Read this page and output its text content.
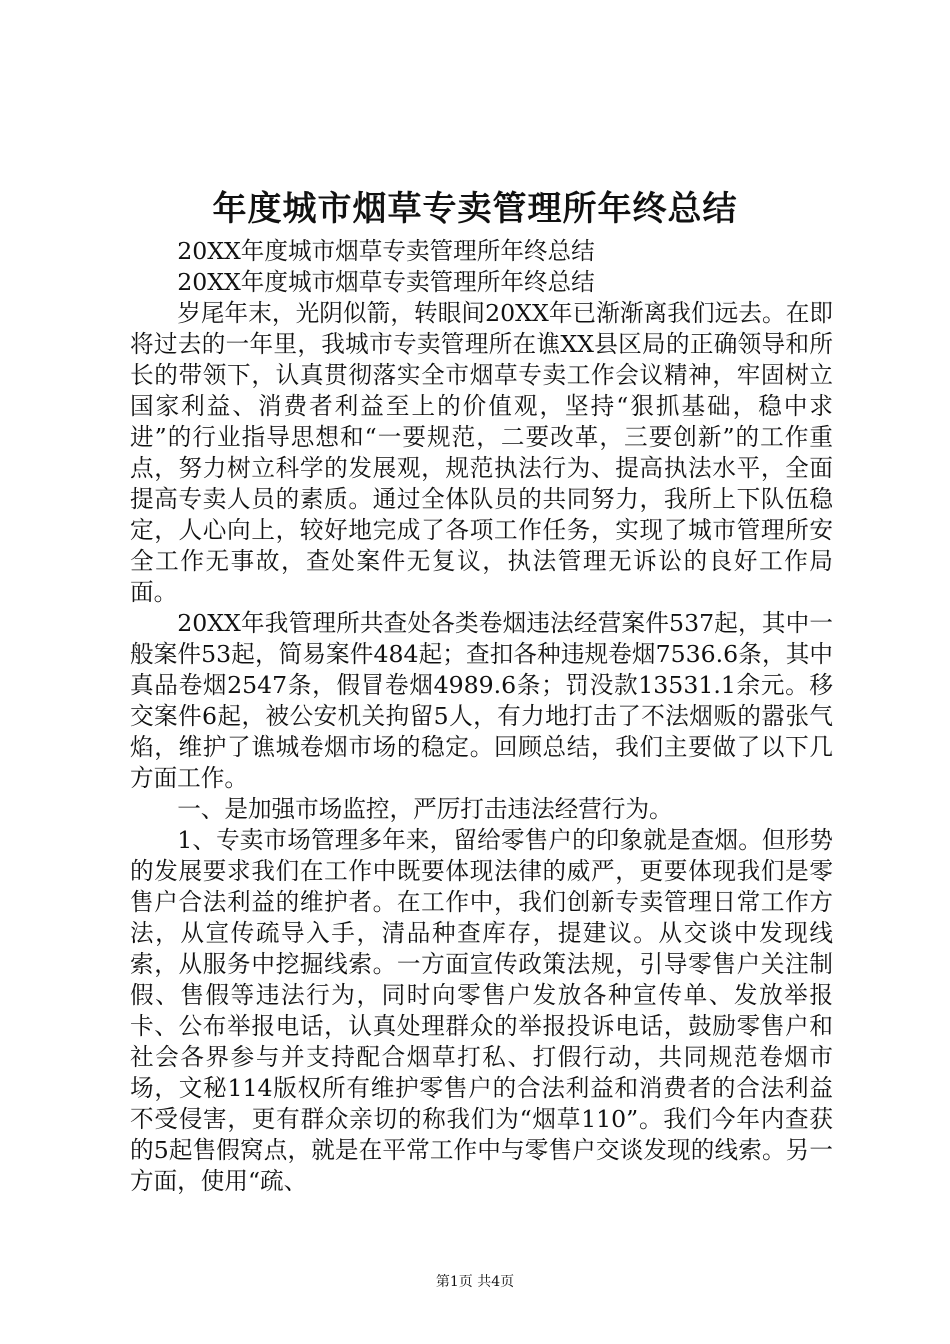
年度城市烟草专卖管理所年终总结

20XX年度城市烟草专卖管理所年终总结

20XX年度城市烟草专卖管理所年终总结

岁尾年末，光阴似箭，转眼间20XX年已渐渐离我们远去。在即将过去的一年里，我城市专卖管理所在谯XX县区局的正确领导和所长的带领下，认真贯彻落实全市烟草专卖工作会议精神，牢固树立国家利益、消费者利益至上的价值观，坚持“狠抓基础，稳中求进”的行业指导思想和“一要规范，二要改革，三要创新”的工作重点，努力树立科学的发展观，规范执法行为、提高执法水平，全面提高专卖人员的素质。通过全体队员的共同努力，我所上下队伍稳定，人心向上，较好地完成了各项工作任务，实现了城市管理所安全工作无事故，查处案件无复议，执法管理无诉讼的良好工作局面。

20XX年我管理所共查处各类卷烟违法经营案件537起，其中一般案件53起，简易案件484起；查扣各种违规卷烟7536.6条，其中真品卷烟2547条，假冒卷烟4989.6条；罚没款13531.1余元。移交案件6起，被公安机关拘留5人，有力地打击了不法烟贩的嚣张气焰，维护了谯城卷烟市场的稳定。回顾总结，我们主要做了以下几方面工作。

一、是加强市场监控，严厉打击违法经营行为。

1、专卖市场管理多年来，留给零售户的印象就是查烟。但形势的发展要求我们在工作中既要体现法律的威严，更要体现我们是零售户合法利益的维护者。在工作中，我们创新专卖管理日常工作方法，从宣传疏导入手，清品种查库存，提建议。从交谈中发现线索，从服务中挖掘线索。一方面宣传政策法规，引导零售户关注制假、售假等违法行为，同时向零售户发放各种宣传单、发放举报卡、公布举报电话，认真处理群众的举报投诉电话，鼓励零售户和社会各界参与并支持配合烟草打私、打假行动，共同规范卷烟市场，文秘114版权所有维护零售户的合法利益和消费者的合法利益不受侵害，更有群众亲切的称我们为“烟草110”。我们今年内查获的5起售假窝点，就是在平常工作中与零售户交谈发现的线索。另一方面，使用“疏、

第1页 共4页
